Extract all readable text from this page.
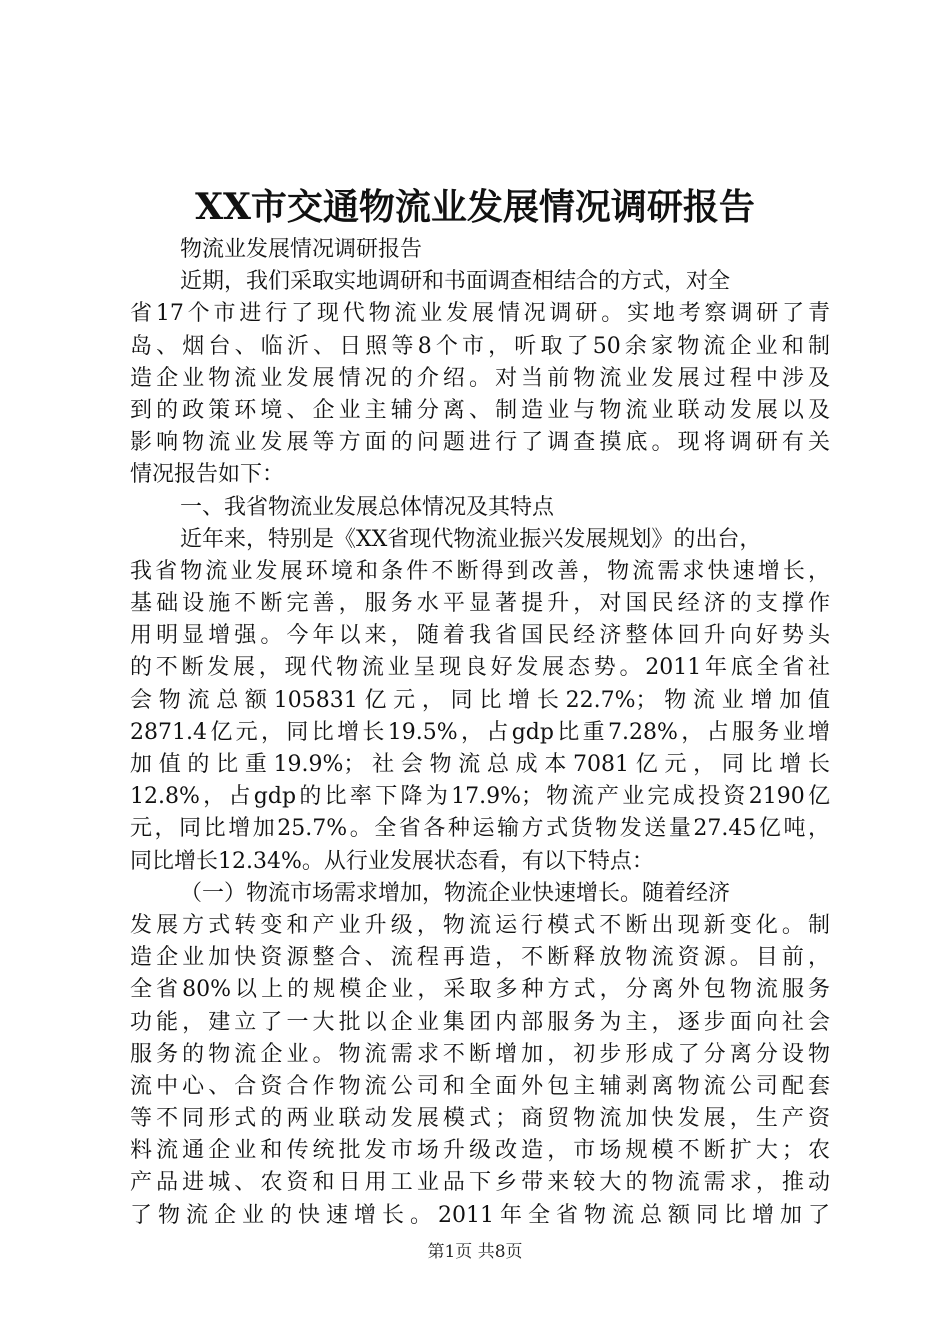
XX市交通物流业发展情况调研报告
物流业发展情况调研报告
近期，我们采取实地调研和书面调查相结合的方式，对全
省17个市进行了现代物流业发展情况调研。实地考察调研了青
岛、烟台、临沂、日照等8个市，听取了50余家物流企业和制
造企业物流业发展情况的介绍。对当前物流业发展过程中涉及
到的政策环境、企业主辅分离、制造业与物流业联动发展以及
影响物流业发展等方面的问题进行了调查摸底。现将调研有关
情况报告如下：
一、我省物流业发展总体情况及其特点
近年来，特别是《XX省现代物流业振兴发展规划》的出台，
我省物流业发展环境和条件不断得到改善，物流需求快速增长，
基础设施不断完善，服务水平显著提升，对国民经济的支撑作
用明显增强。今年以来，随着我省国民经济整体回升向好势头
的不断发展，现代物流业呈现良好发展态势。2011年底全省社
会物流总额105831亿元，同比增长22.7%；物流业增加值
2871.4亿元，同比增长19.5%，占gdp比重7.28%，占服务业增
加值的比重19.9%；社会物流总成本7081亿元，同比增长
12.8%，占gdp的比率下降为17.9%；物流产业完成投资2190亿
元，同比增加25.7%。全省各种运输方式货物发送量27.45亿吨，
同比增长12.34%。从行业发展状态看，有以下特点：
（一）物流市场需求增加，物流企业快速增长。随着经济
发展方式转变和产业升级，物流运行模式不断出现新变化。制
造企业加快资源整合、流程再造，不断释放物流资源。目前，
全省80%以上的规模企业，采取多种方式，分离外包物流服务
功能，建立了一大批以企业集团内部服务为主，逐步面向社会
服务的物流企业。物流需求不断增加，初步形成了分离分设物
流中心、合资合作物流公司和全面外包主辅剥离物流公司配套
等不同形式的两业联动发展模式；商贸物流加快发展，生产资
料流通企业和传统批发市场升级改造，市场规模不断扩大；农
产品进城、农资和日用工业品下乡带来较大的物流需求，推动
了物流企业的快速增长。2011年全省物流总额同比增加了
第1页 共8页
